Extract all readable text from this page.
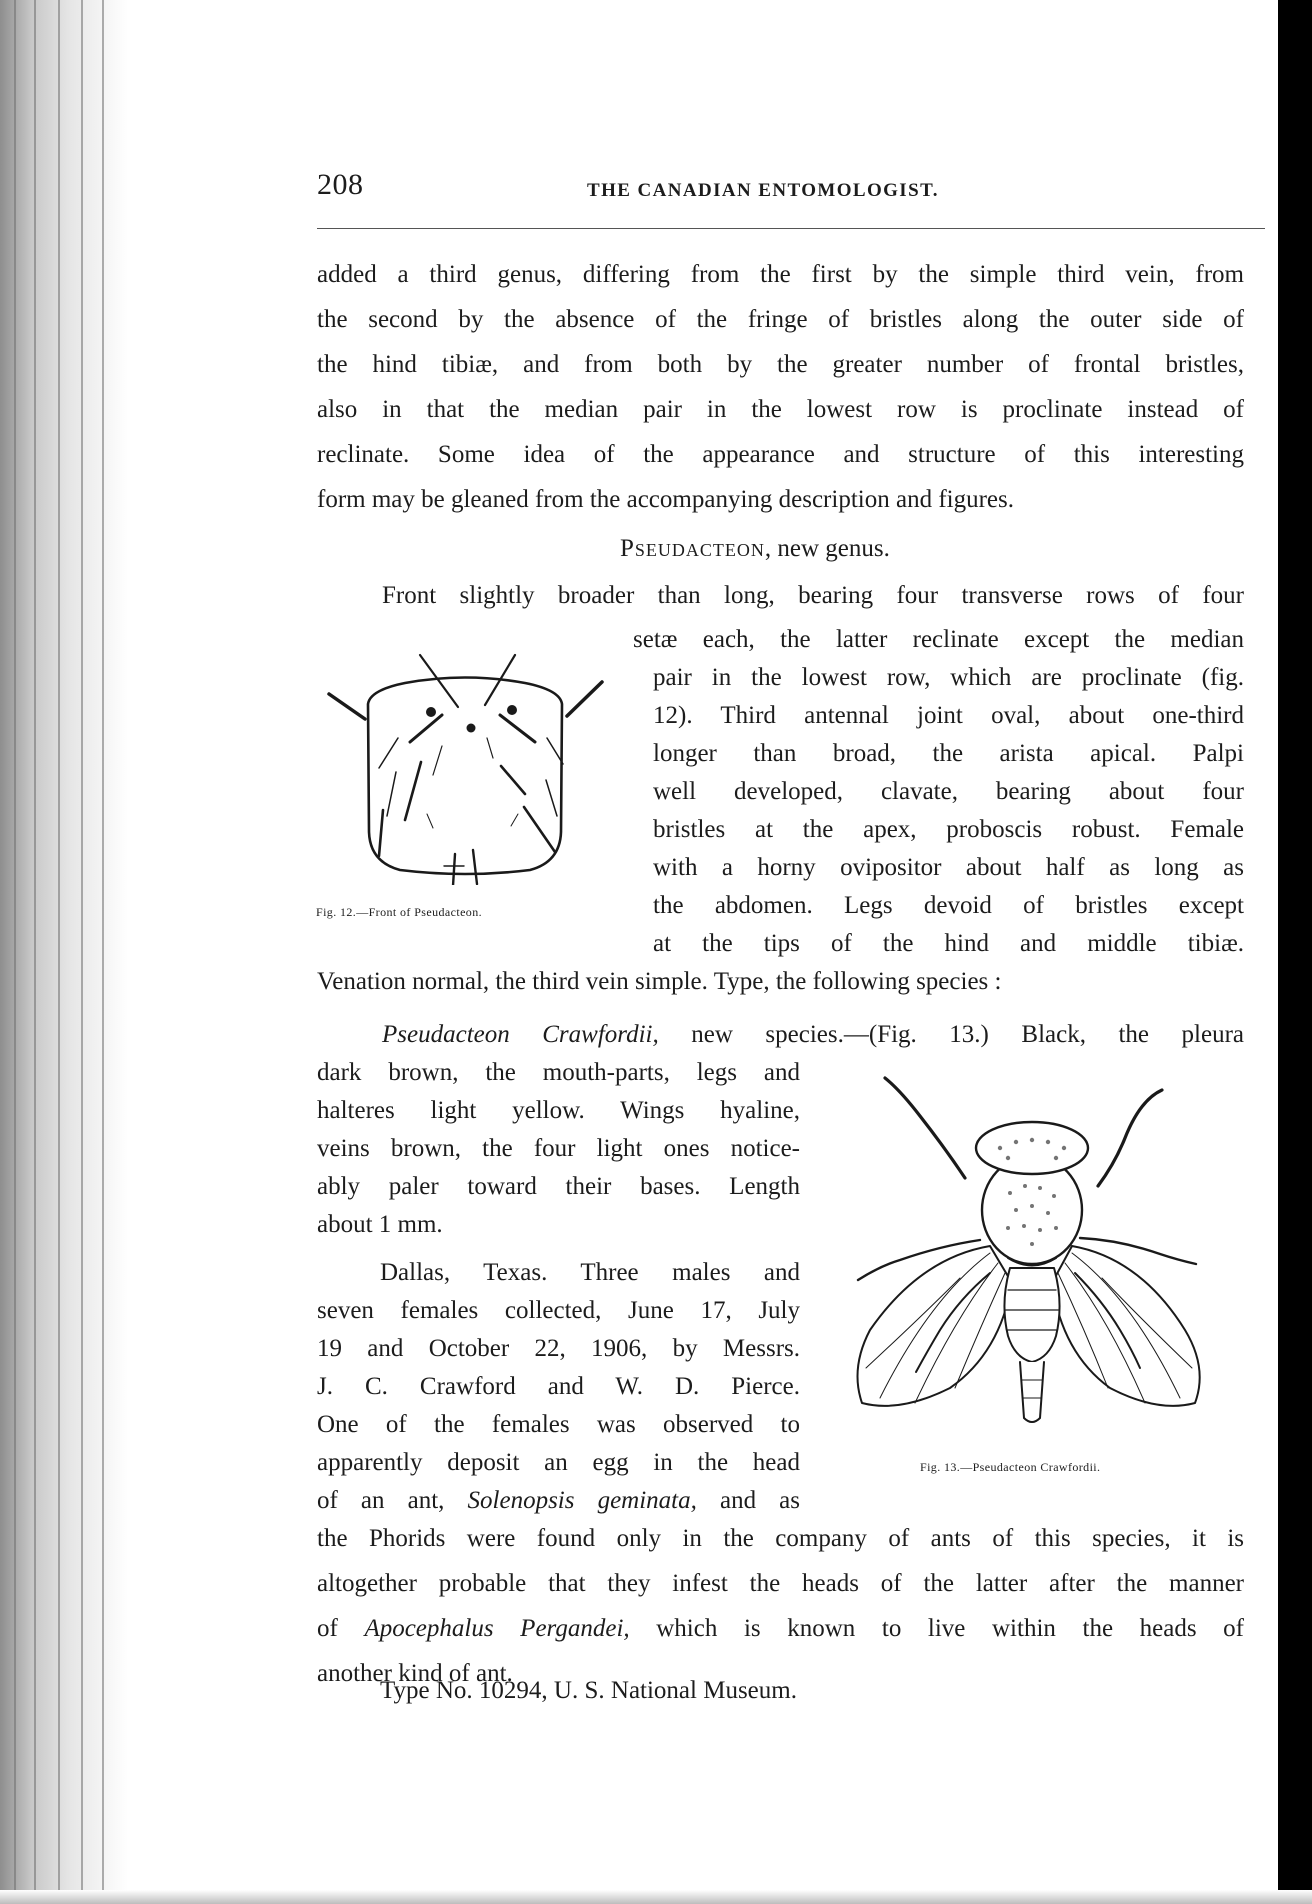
208	THE CANADIAN ENTOMOLOGIST.
added a third genus, differing from the first by the simple third vein, from
the second by the absence of the fringe of bristles along the outer side of
the hind tibiæ, and from both by the greater number of frontal bristles,
also in that the median pair in the lowest row is proclinate instead of
reclinate. Some idea of the appearance and structure of this interesting
form may be gleaned from the accompanying description and figures.
Pseudacteon, new genus.
Front slightly broader than long, bearing four transverse rows of four
setæ each, the latter reclinate except the median
pair in the lowest row, which are proclinate (fig.
12). Third antennal joint oval, about one-third
longer than broad, the arista apical. Palpi
well developed, clavate, bearing about four
bristles at the apex, proboscis robust. Female
with a horny ovipositor about half as long as
the abdomen. Legs devoid of bristles except
at the tips of the hind and middle tibiæ.
Venation normal, the third vein simple. Type, the following species :
Fig. 12.—Front of Pseudacteon.
Pseudacteon Crawfordii, new species.—(Fig. 13.) Black, the pleura
dark brown, the mouth-parts, legs and
halteres light yellow. Wings hyaline,
veins brown, the four light ones notice-
ably paler toward their bases. Length
about 1 mm.
Dallas, Texas. Three males and
seven females collected, June 17, July
19 and October 22, 1906, by Messrs.
J. C. Crawford and W. D. Pierce.
One of the females was observed to
apparently deposit an egg in the head
of an ant, Solenopsis geminata, and as
the Phorids were found only in the company of ants of this species, it is
altogether probable that they infest the heads of the latter after the manner
of Apocephalus Pergandei, which is known to live within the heads of
another kind of ant.
Type No. 10294, U. S. National Museum.
Fig. 13.—Pseudacteon Crawfordii.
